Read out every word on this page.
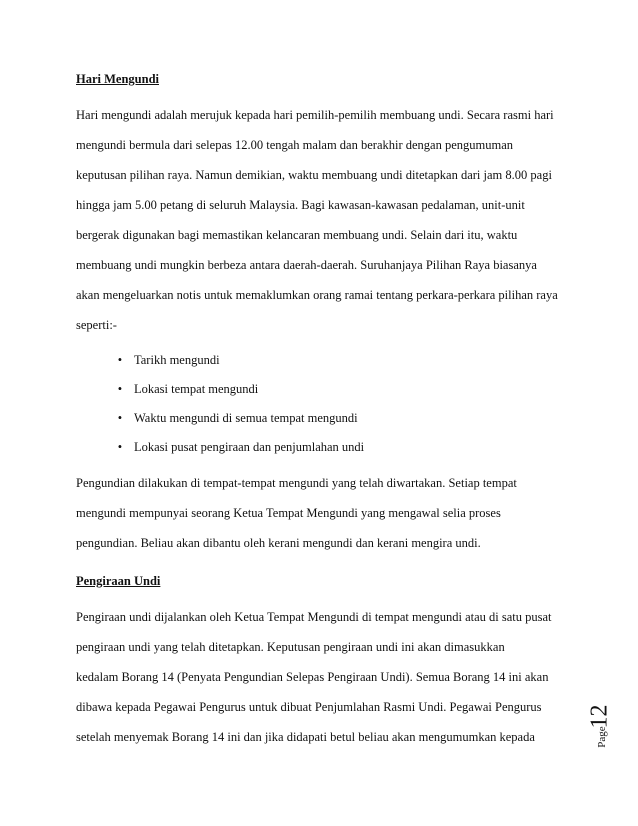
Hari Mengundi
Hari mengundi adalah merujuk kepada hari pemilih-pemilih membuang undi. Secara rasmi hari
mengundi bermula dari selepas 12.00 tengah malam dan berakhir dengan pengumuman
keputusan pilihan raya. Namun demikian, waktu membuang undi ditetapkan dari jam 8.00 pagi
hingga jam 5.00 petang di seluruh Malaysia. Bagi kawasan-kawasan pedalaman, unit-unit
bergerak digunakan bagi memastikan kelancaran membuang undi. Selain dari itu, waktu
membuang undi mungkin berbeza antara daerah-daerah. Suruhanjaya Pilihan Raya biasanya
akan mengeluarkan notis untuk memaklumkan orang ramai tentang perkara-perkara pilihan raya
seperti:-
• Tarikh mengundi
• Lokasi tempat mengundi
• Waktu mengundi di semua tempat mengundi
• Lokasi pusat pengiraan dan penjumlahan undi
Pengundian dilakukan di tempat-tempat mengundi yang telah diwartakan. Setiap tempat
mengundi mempunyai seorang Ketua Tempat Mengundi yang mengawal selia proses
pengundian. Beliau akan dibantu oleh kerani mengundi dan kerani mengira undi.
Pengiraan Undi
Pengiraan undi dijalankan oleh Ketua Tempat Mengundi di tempat mengundi atau di satu pusat
pengiraan undi yang telah ditetapkan. Keputusan pengiraan undi ini akan dimasukkan
kedalam Borang 14 (Penyata Pengundian Selepas Pengiraan Undi). Semua Borang 14 ini akan
dibawa kepada Pegawai Pengurus untuk dibuat Penjumlahan Rasmi Undi. Pegawai Pengurus
setelah menyemak Borang 14 ini dan jika didapati betul beliau akan mengumumkan kepada	Page
12
